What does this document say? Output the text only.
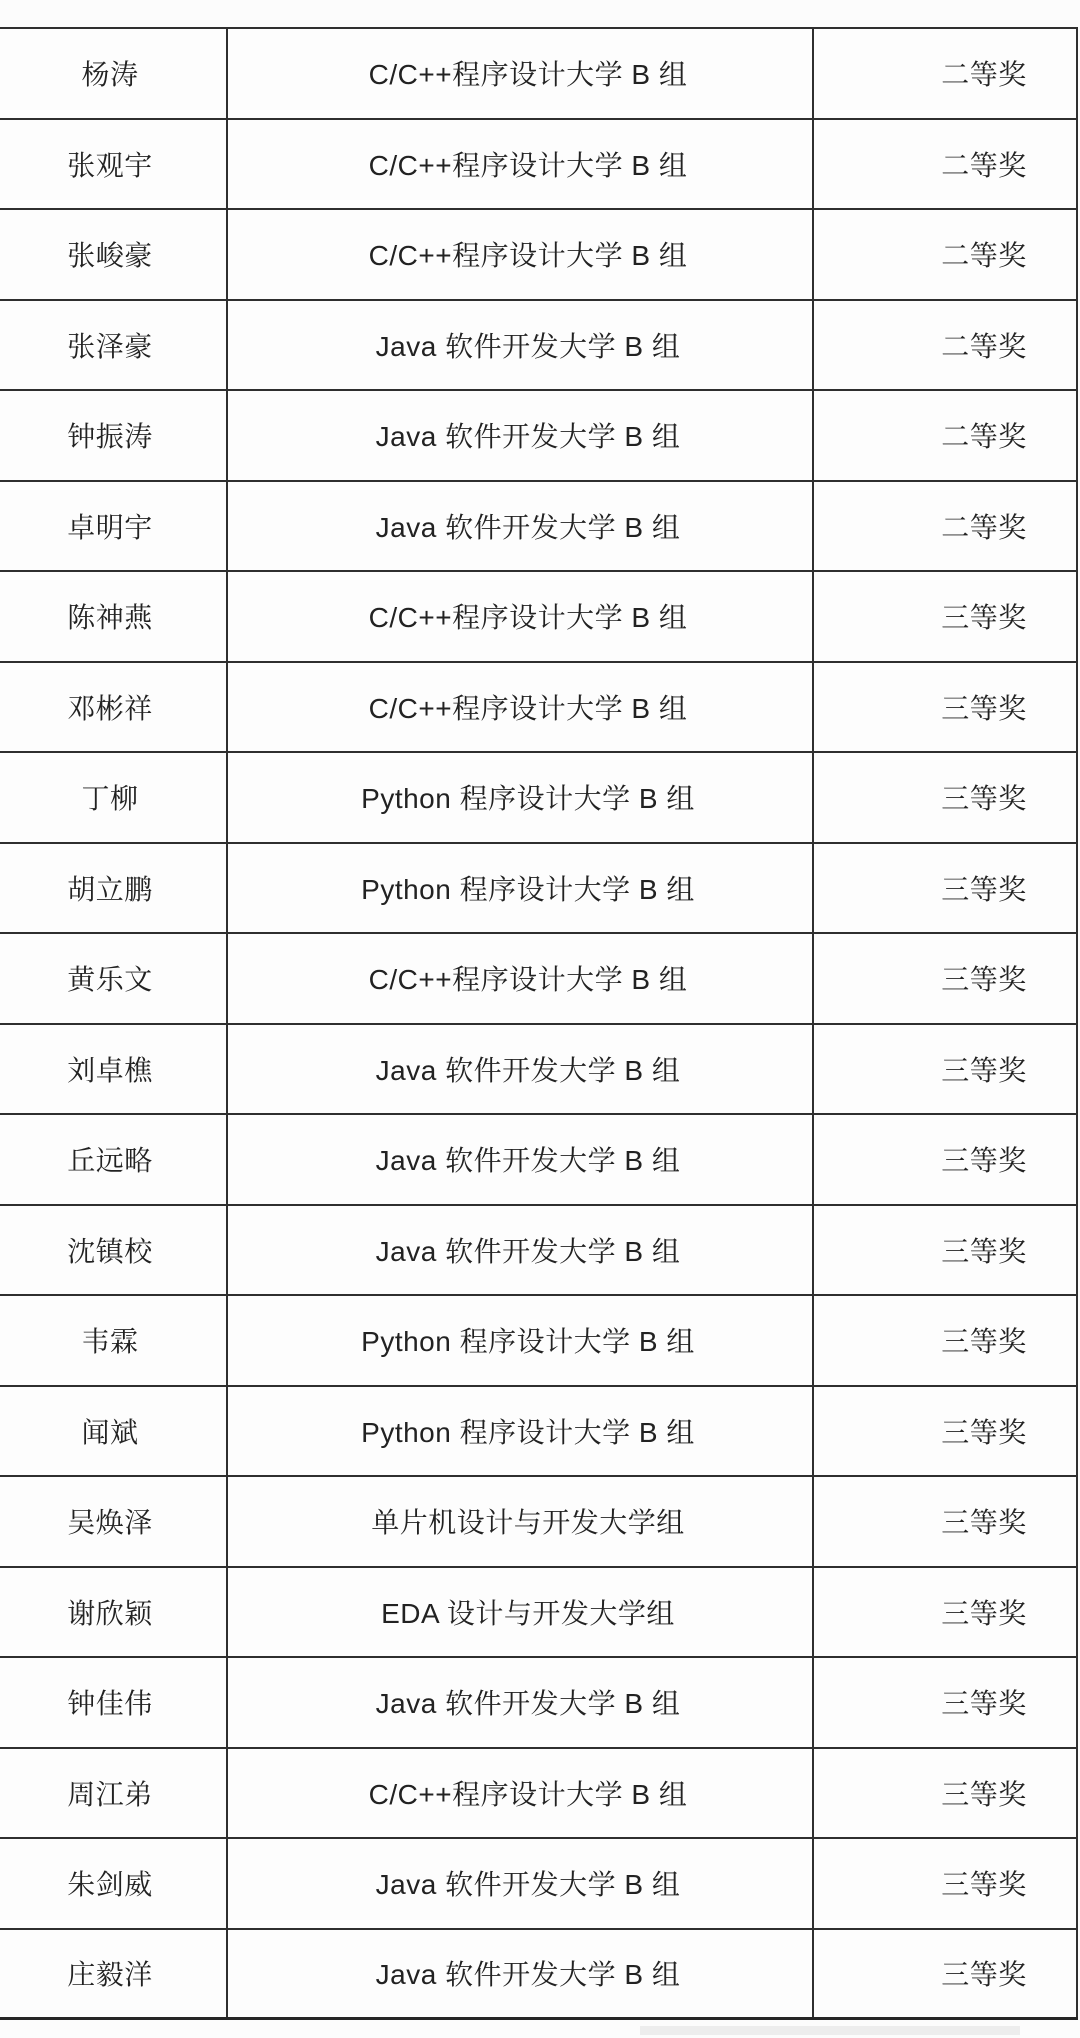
杨涛	C/C++程序设计大学 B 组	二等奖
张观宇	C/C++程序设计大学 B 组	二等奖
张峻豪	C/C++程序设计大学 B 组	二等奖
张泽豪	Java 软件开发大学 B 组	二等奖
钟振涛	Java 软件开发大学 B 组	二等奖
卓明宇	Java 软件开发大学 B 组	二等奖
陈神燕	C/C++程序设计大学 B 组	三等奖
邓彬祥	C/C++程序设计大学 B 组	三等奖
丁柳	Python 程序设计大学 B 组	三等奖
胡立鹏	Python 程序设计大学 B 组	三等奖
黄乐文	C/C++程序设计大学 B 组	三等奖
刘卓樵	Java 软件开发大学 B 组	三等奖
丘远略	Java 软件开发大学 B 组	三等奖
沈镇校	Java 软件开发大学 B 组	三等奖
韦霖	Python 程序设计大学 B 组	三等奖
闻斌	Python 程序设计大学 B 组	三等奖
吴焕泽	单片机设计与开发大学组	三等奖
谢欣颖	EDA 设计与开发大学组	三等奖
钟佳伟	Java 软件开发大学 B 组	三等奖
周江弟	C/C++程序设计大学 B 组	三等奖
朱剑威	Java 软件开发大学 B 组	三等奖
庄毅洋	Java 软件开发大学 B 组	三等奖
